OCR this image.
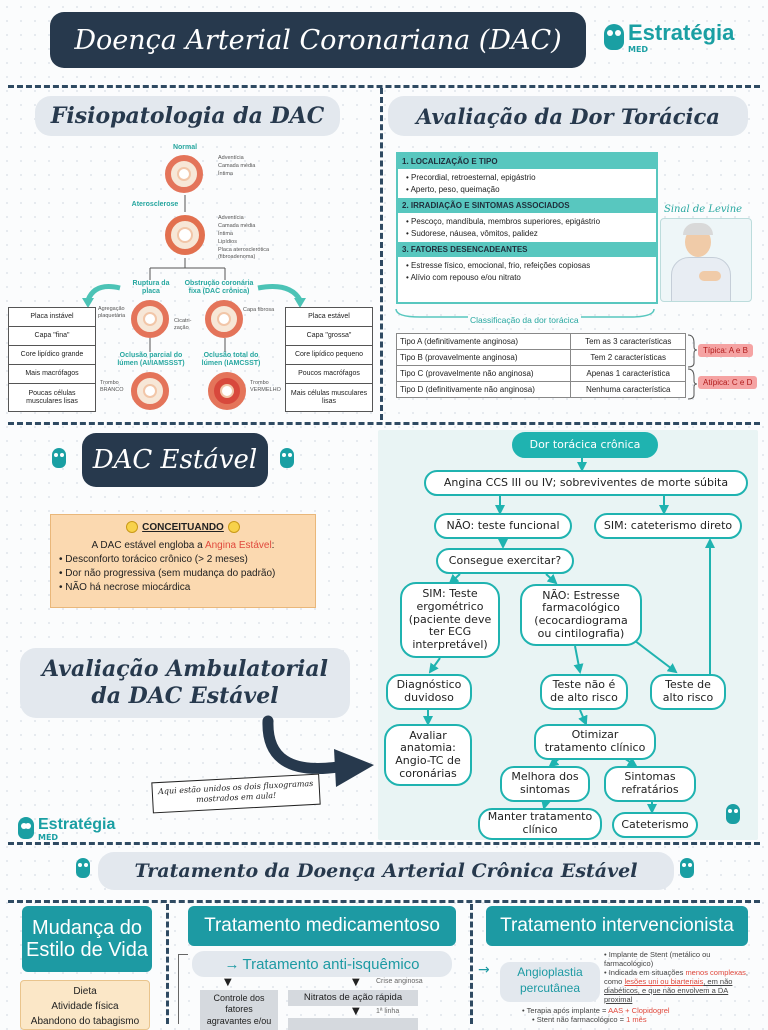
Doença Arterial Coronariana (DAC)	Estratégia
MED
Fisiopatologia da DAC
Normal
Adventícia
Camada média
Íntima
Aterosclerose
Adventícia
Camada média
Íntima
Lipídios
Placa aterosclerótica (fibroadenoma)
Ruptura da placa
Obstrução coronária fixa (DAC crônica)
Agregação plaquetária
Cicatri-zação
Capa fibrosa
Oclusão parcial do lúmen (AI/IAMSSST)
Oclusão total do lúmen (IAMCSST)
Trombo BRANCO
Trombo VERMELHO
Placa instável
Capa "fina"
Core lipídico grande
Mais macrófagos
Poucas células musculares lisas
Placa estável
Capa "grossa"
Core lipídico pequeno
Poucos macrófagos
Mais células musculares lisas
Avaliação da Dor Torácica
1. LOCALIZAÇÃO E TIPO
• Precordial, retroesternal, epigástrio
• Aperto, peso, queimação
2. IRRADIAÇÃO E SINTOMAS ASSOCIADOS
• Pescoço, mandíbula, membros superiores, epigástrio
• Sudorese, náusea, vômitos, palidez
3. FATORES DESENCADEANTES
• Estresse físico, emocional, frio, refeições copiosas
• Alívio com repouso e/ou nitrato
Sinal de Levine
Classificação da dor torácica
Tipo A (definitivamente anginosa)	Tem as 3 características
Tipo B (provavelmente anginosa)	Tem 2 características
Tipo C (provavelmente não anginosa)	Apenas 1 característica
Tipo D (definitivamente não anginosa)	Nenhuma característica
Típica: A e B
Atípica: C e D
DAC Estável
CONCEITUANDO
A DAC estável engloba a Angina Estável:
• Desconforto torácico crônico (> 2 meses)
• Dor não progressiva (sem mudança do padrão)
• NÃO há necrose miocárdica
Avaliação Ambulatorial
da DAC Estável
Aqui estão unidos os dois fluxogramas mostrados em aula!
Estratégia
MED
Dor torácica crônica
Angina CCS III ou IV; sobreviventes de morte súbita
NÃO: teste funcional	SIM: cateterismo direto
Consegue exercitar?
SIM: Teste ergométrico (paciente deve ter ECG interpretável)
NÃO: Estresse farmacológico (ecocardiograma ou cintilografia)
Diagnóstico duvidoso
Teste não é de alto risco
Teste de alto risco
Avaliar anatomia: Angio-TC de coronárias
Otimizar tratamento clínico
Melhora dos sintomas
Sintomas refratários
Manter tratamento clínico	Cateterismo
Tratamento da Doença Arterial Crônica Estável
Mudança do Estilo de Vida
Dieta
Atividade física
Abandono do tabagismo
Tratamento medicamentoso
→ Tratamento anti-isquêmico
▼	▼
Controle dos fatores agravantes e/ou
Nitratos de ação rápida
Crise anginosa
▼ 1ª linha
Tratamento intervencionista
→	Angioplastia percutânea
• Implante de Stent (metálico ou farmacológico)
• Indicada em situações menos complexas, como lesões uni ou biarteriais, em não diabéticos, e que não envolvem a DA proximal
• Terapia após implante = AAS + Clopidogrel
• Stent não farmacológico = 1 mês
